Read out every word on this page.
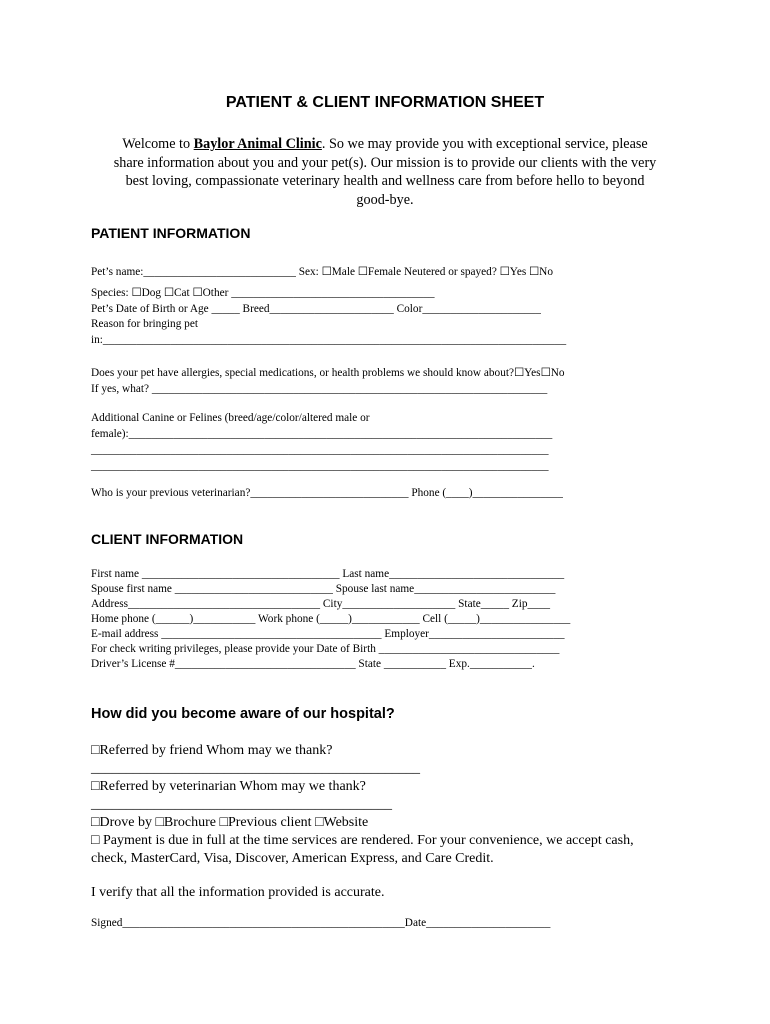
PATIENT & CLIENT INFORMATION SHEET
Welcome to Baylor Animal Clinic. So we may provide you with exceptional service, please
share information about you and your pet(s). Our mission is to provide our clients with the very
best loving, compassionate veterinary health and wellness care from before hello to beyond
good-bye.
PATIENT INFORMATION
Pet’s name:___________________________ Sex: ☐Male ☐Female Neutered or spayed? ☐Yes ☐No
Species: ☐Dog ☐Cat ☐Other ____________________________________
Pet’s Date of Birth or Age _____ Breed______________________ Color_____________________
Reason for bringing pet
in:__________________________________________________________________________________
Does your pet have allergies, special medications, or health problems we should know about?☐Yes☐No
If yes, what? ______________________________________________________________________
Additional Canine or Felines (breed/age/color/altered male or
female):___________________________________________________________________________
_________________________________________________________________________________
_________________________________________________________________________________
Who is your previous veterinarian?____________________________ Phone (____)________________
CLIENT INFORMATION
First name ___________________________________ Last name_______________________________
Spouse first name ____________________________ Spouse last name_________________________
Address__________________________________ City____________________ State_____ Zip____
Home phone (______)___________ Work phone (_____)____________ Cell (_____)________________
E-mail address _______________________________________ Employer________________________
For check writing privileges, please provide your Date of Birth ________________________________
Driver’s License #________________________________ State ___________ Exp.___________.
How did you become aware of our hospital?
□Referred by friend Whom may we thank?
_______________________________________________
□Referred by veterinarian Whom may we thank?
___________________________________________
□Drove by □Brochure □Previous client □Website
□ Payment is due in full at the time services are rendered. For your convenience, we accept cash,
check, MasterCard, Visa, Discover, American Express, and Care Credit.
I verify that all the information provided is accurate.
Signed__________________________________________________Date______________________
